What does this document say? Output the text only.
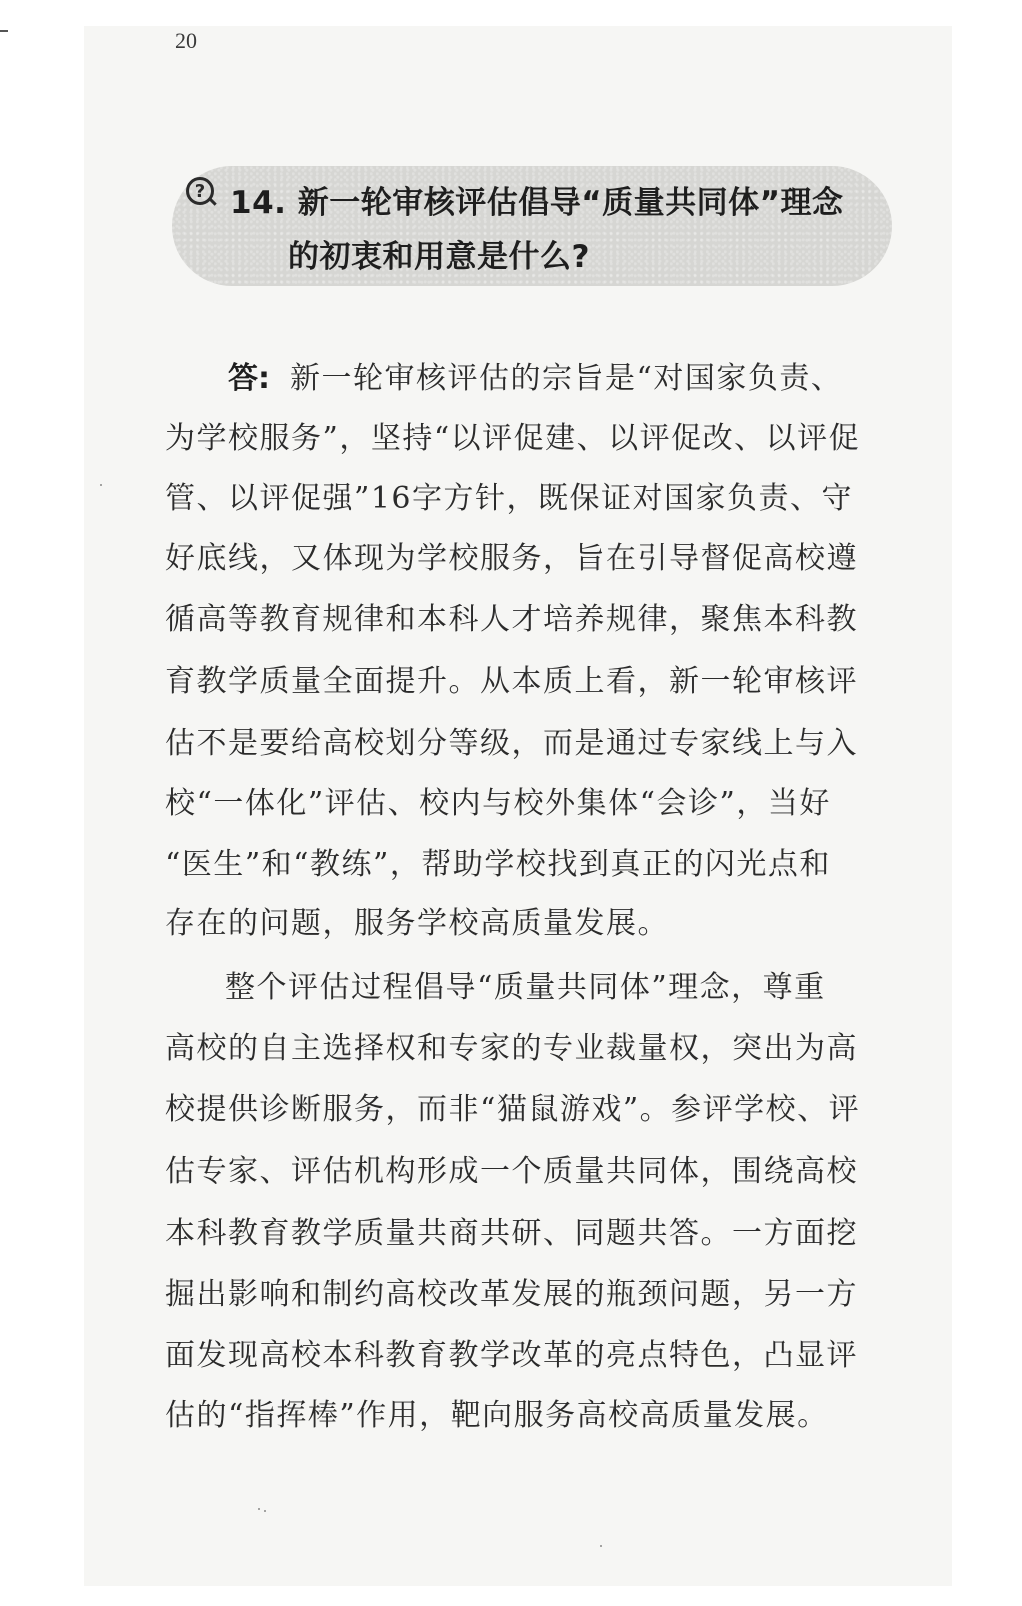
20
? 14. 新一轮审核评估倡导“质量共同体”理念
的初衷和用意是什么?
答: 新一轮审核评估的宗旨是“对国家负责、
为学校服务”，坚持“以评促建、以评促改、以评促
管、以评促强”16字方针，既保证对国家负责、守
好底线，又体现为学校服务，旨在引导督促高校遵
循高等教育规律和本科人才培养规律，聚焦本科教
育教学质量全面提升。从本质上看，新一轮审核评
估不是要给高校划分等级，而是通过专家线上与入
校“一体化”评估、校内与校外集体“会诊”，当好
“医生”和“教练”，帮助学校找到真正的闪光点和
存在的问题，服务学校高质量发展。
整个评估过程倡导“质量共同体”理念，尊重
高校的自主选择权和专家的专业裁量权，突出为高
校提供诊断服务，而非“猫鼠游戏”。参评学校、评
估专家、评估机构形成一个质量共同体，围绕高校
本科教育教学质量共商共研、同题共答。一方面挖
掘出影响和制约高校改革发展的瓶颈问题，另一方
面发现高校本科教育教学改革的亮点特色，凸显评
估的“指挥棒”作用，靶向服务高校高质量发展。
